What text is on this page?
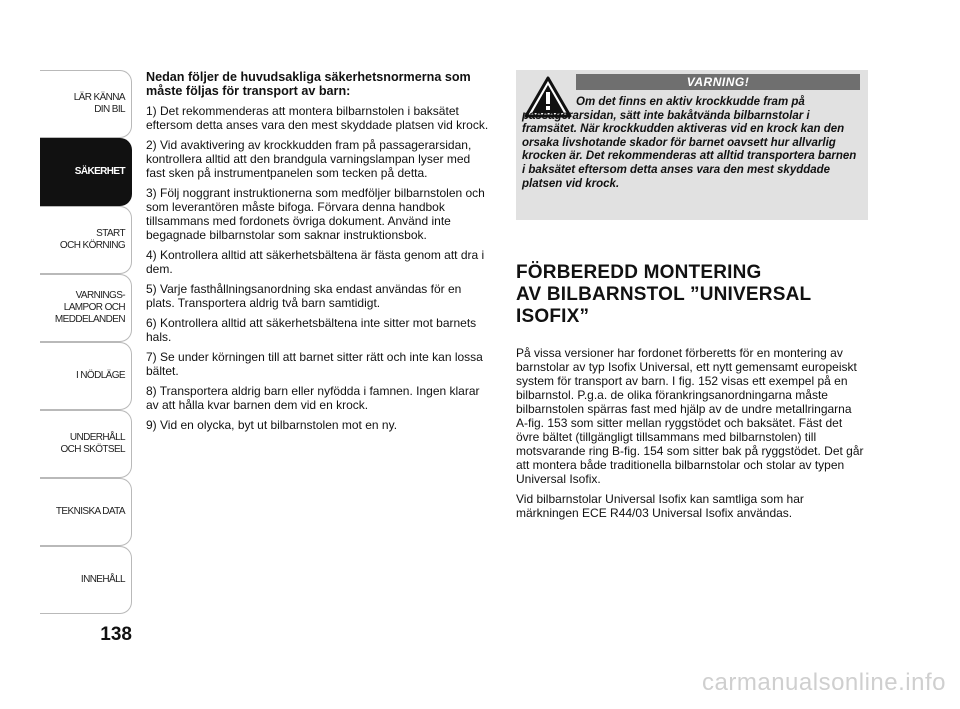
LÄR KÄNNA
DIN BIL
SÄKERHET
START
OCH KÖRNING
VARNINGS-
LAMPOR OCH
MEDDELANDEN
I NÖDLÄGE
UNDERHÅLL
OCH SKÖTSEL
TEKNISKA DATA
INNEHÅLL
138

Nedan följer de huvudsakliga säkerhetsnormerna som måste följas för transport av barn:

1) Det rekommenderas att montera bilbarnstolen i baksätet eftersom detta anses vara den mest skyddade platsen vid krock.

2) Vid avaktivering av krockkudden fram på passagerarsidan, kontrollera alltid att den brandgula varningslampan lyser med fast sken på instrumentpanelen som tecken på detta.

3) Följ noggrant instruktionerna som medföljer bilbarnstolen och som leverantören måste bifoga. Förvara denna handbok tillsammans med fordonets övriga dokument. Använd inte begagnade bilbarnstolar som saknar instruktionsbok.

4) Kontrollera alltid att säkerhetsbältena är fästa genom att dra i dem.

5) Varje fasthållningsanordning ska endast användas för en plats. Transportera aldrig två barn samtidigt.

6) Kontrollera alltid att säkerhetsbältena inte sitter mot barnets hals.

7) Se under körningen till att barnet sitter rätt och inte kan lossa bältet.

8) Transportera aldrig barn eller nyfödda i famnen. Ingen klarar av att hålla kvar barnen dem vid en krock.

9) Vid en olycka, byt ut bilbarnstolen mot en ny.

VARNING!
Om det finns en aktiv krockkudde fram på passagerarsidan, sätt inte bakåtvända bilbarnstolar i framsätet. När krockkudden aktiveras vid en krock kan den orsaka livshotande skador för barnet oavsett hur allvarlig krocken är. Det rekommenderas att alltid transportera barnen i baksätet eftersom detta anses vara den mest skyddade platsen vid krock.
FÖRBEREDD MONTERING
AV BILBARNSTOL ”UNIVERSAL
ISOFIX”

På vissa versioner har fordonet förberetts för en montering av barnstolar av typ Isofix Universal, ett nytt gemensamt europeiskt system för transport av barn. I fig. 152 visas ett exempel på en bilbarnstol. P.g.a. de olika förankringsanordningarna måste bilbarnstolen spärras fast med hjälp av de undre metallringarna A-fig. 153 som sitter mellan ryggstödet och baksätet. Fäst det övre bältet (tillgängligt tillsammans med bilbarnstolen) till motsvarande ring B-fig. 154 som sitter bak på ryggstödet. Det går att montera både traditionella bilbarnstolar och stolar av typen Universal Isofix.

Vid bilbarnstolar Universal Isofix kan samtliga som har märkningen ECE R44/03 Universal Isofix användas.

carmanualsonline.info
